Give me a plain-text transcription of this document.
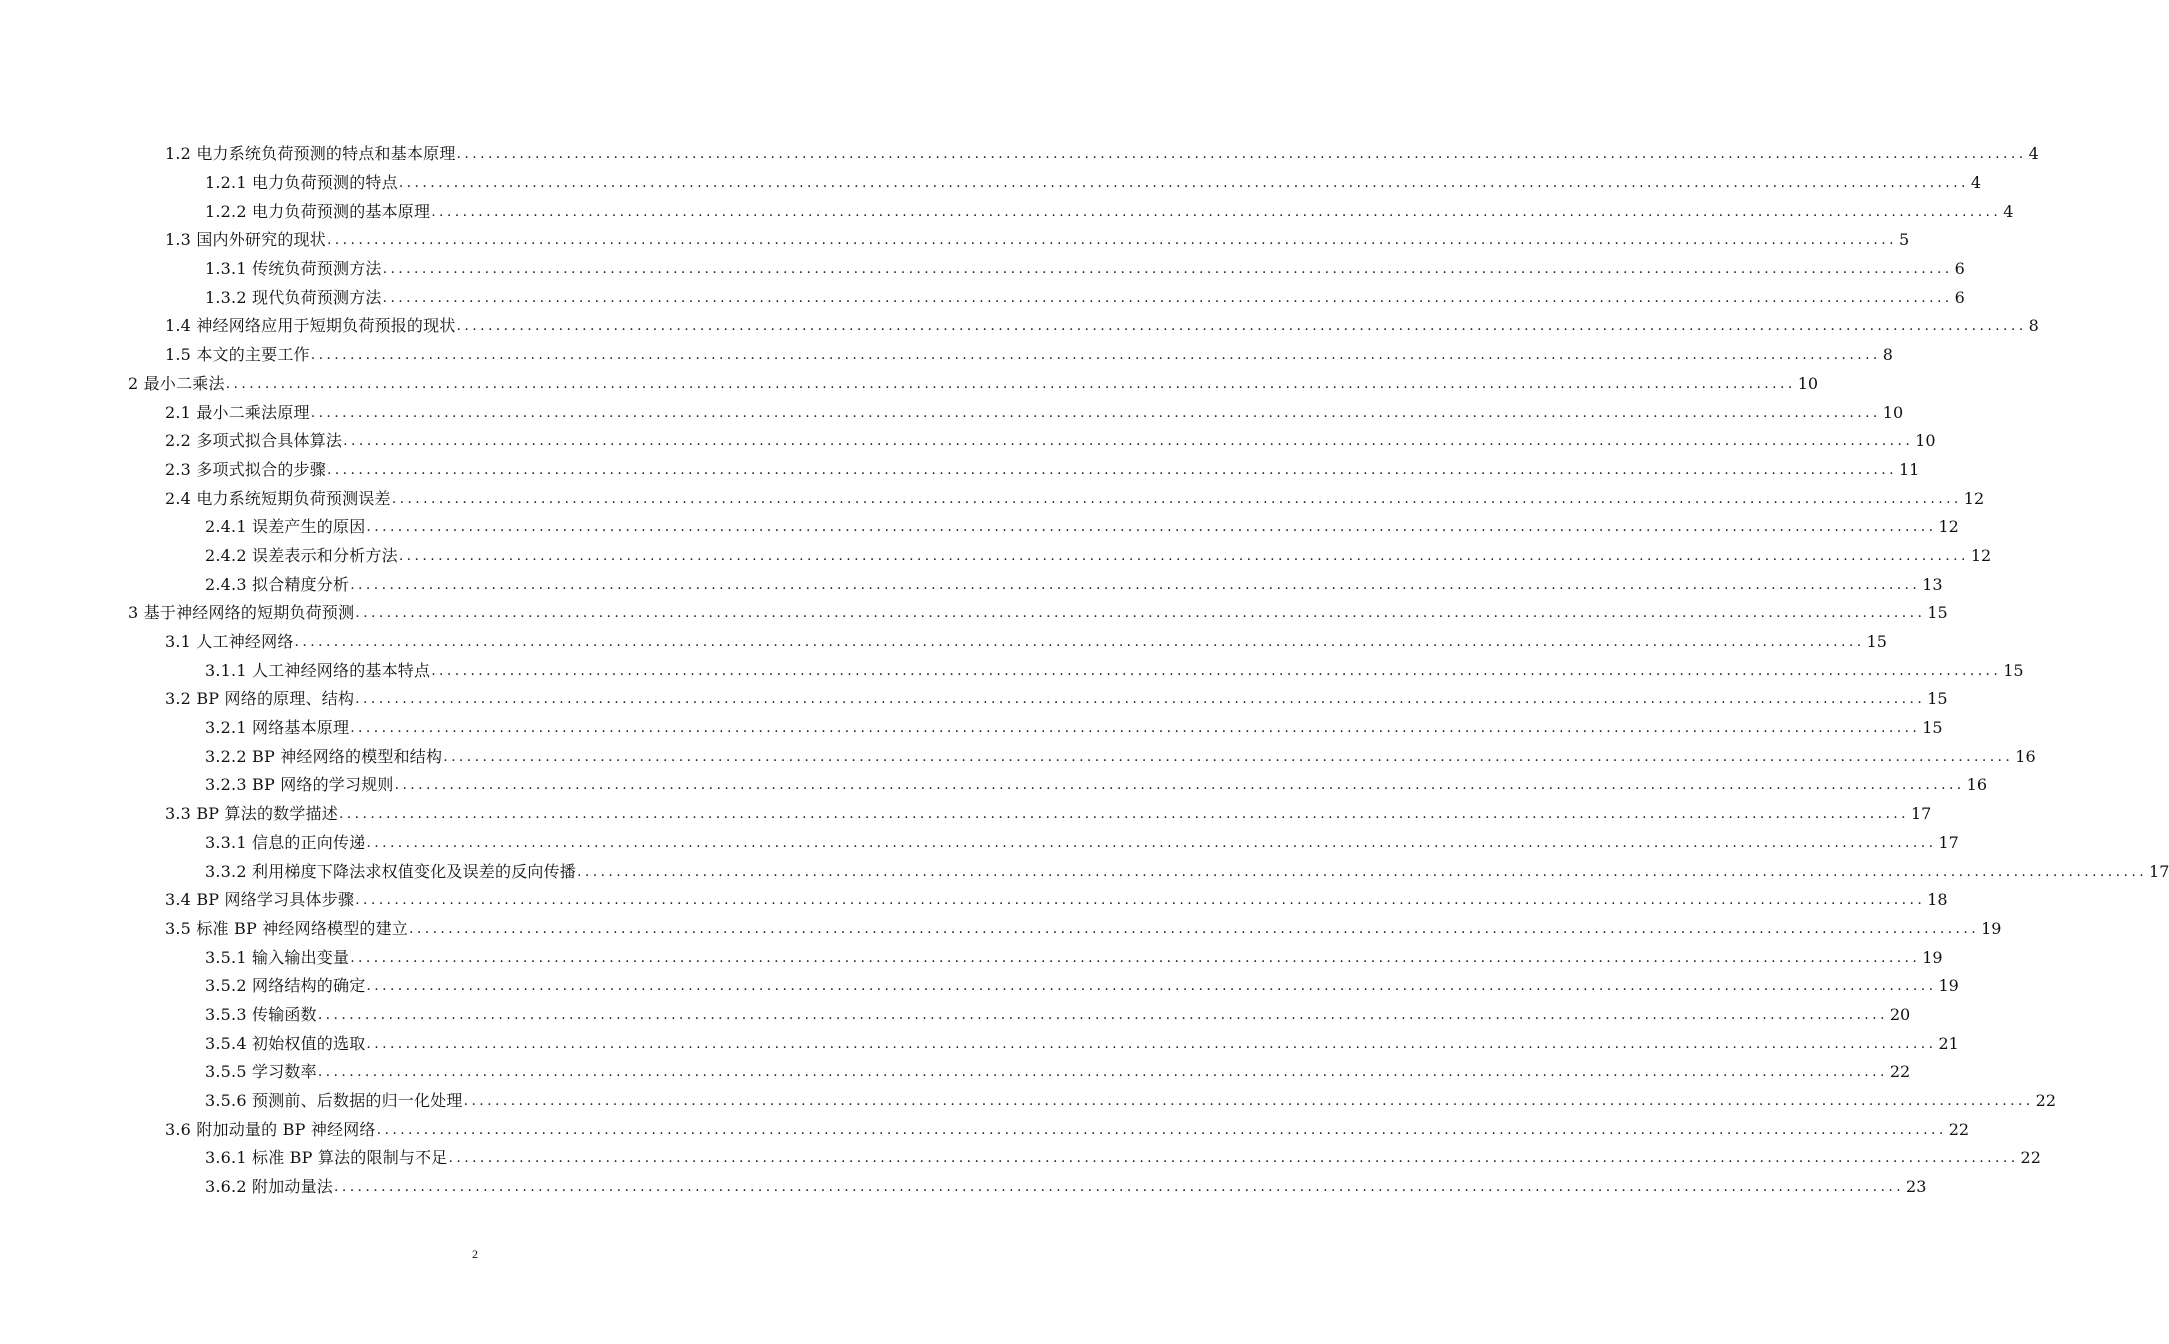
1.2 电力系统负荷预测的特点和基本原理 ........................................................................................................................................................................................................ 4
1.2.1 电力负荷预测的特点 ........................................................................................................................................................................................................ 4
1.2.2 电力负荷预测的基本原理 ........................................................................................................................................................................................................ 4
1.3 国内外研究的现状 ........................................................................................................................................................................................................ 5
1.3.1 传统负荷预测方法 ........................................................................................................................................................................................................ 6
1.3.2 现代负荷预测方法 ........................................................................................................................................................................................................ 6
1.4 神经网络应用于短期负荷预报的现状 ........................................................................................................................................................................................................ 8
1.5 本文的主要工作 ........................................................................................................................................................................................................ 8
2 最小二乘法 ........................................................................................................................................................................................................ 10
2.1 最小二乘法原理 ........................................................................................................................................................................................................ 10
2.2 多项式拟合具体算法 ........................................................................................................................................................................................................ 10
2.3 多项式拟合的步骤 ........................................................................................................................................................................................................ 11
2.4 电力系统短期负荷预测误差 ........................................................................................................................................................................................................ 12
2.4.1 误差产生的原因 ........................................................................................................................................................................................................ 12
2.4.2 误差表示和分析方法 ........................................................................................................................................................................................................ 12
2.4.3 拟合精度分析 ........................................................................................................................................................................................................ 13
3 基于神经网络的短期负荷预测 ........................................................................................................................................................................................................ 15
3.1 人工神经网络 ........................................................................................................................................................................................................ 15
3.1.1 人工神经网络的基本特点 ........................................................................................................................................................................................................ 15
3.2 BP 网络的原理、结构 ........................................................................................................................................................................................................ 15
3.2.1 网络基本原理 ........................................................................................................................................................................................................ 15
3.2.2 BP 神经网络的模型和结构 ........................................................................................................................................................................................................ 16
3.2.3 BP 网络的学习规则 ........................................................................................................................................................................................................ 16
3.3 BP 算法的数学描述 ........................................................................................................................................................................................................ 17
3.3.1 信息的正向传递 ........................................................................................................................................................................................................ 17
3.3.2 利用梯度下降法求权值变化及误差的反向传播 ........................................................................................................................................................................................................ 17
3.4 BP 网络学习具体步骤 ........................................................................................................................................................................................................ 18
3.5 标准 BP 神经网络模型的建立 ........................................................................................................................................................................................................ 19
3.5.1 输入输出变量 ........................................................................................................................................................................................................ 19
3.5.2 网络结构的确定 ........................................................................................................................................................................................................ 19
3.5.3 传输函数 ........................................................................................................................................................................................................ 20
3.5.4 初始权值的选取 ........................................................................................................................................................................................................ 21
3.5.5 学习数率 ........................................................................................................................................................................................................ 22
3.5.6 预测前、后数据的归一化处理 ........................................................................................................................................................................................................ 22
3.6 附加动量的 BP 神经网络 ........................................................................................................................................................................................................ 22
3.6.1 标准 BP 算法的限制与不足 ........................................................................................................................................................................................................ 22
3.6.2 附加动量法 ........................................................................................................................................................................................................ 23
2
